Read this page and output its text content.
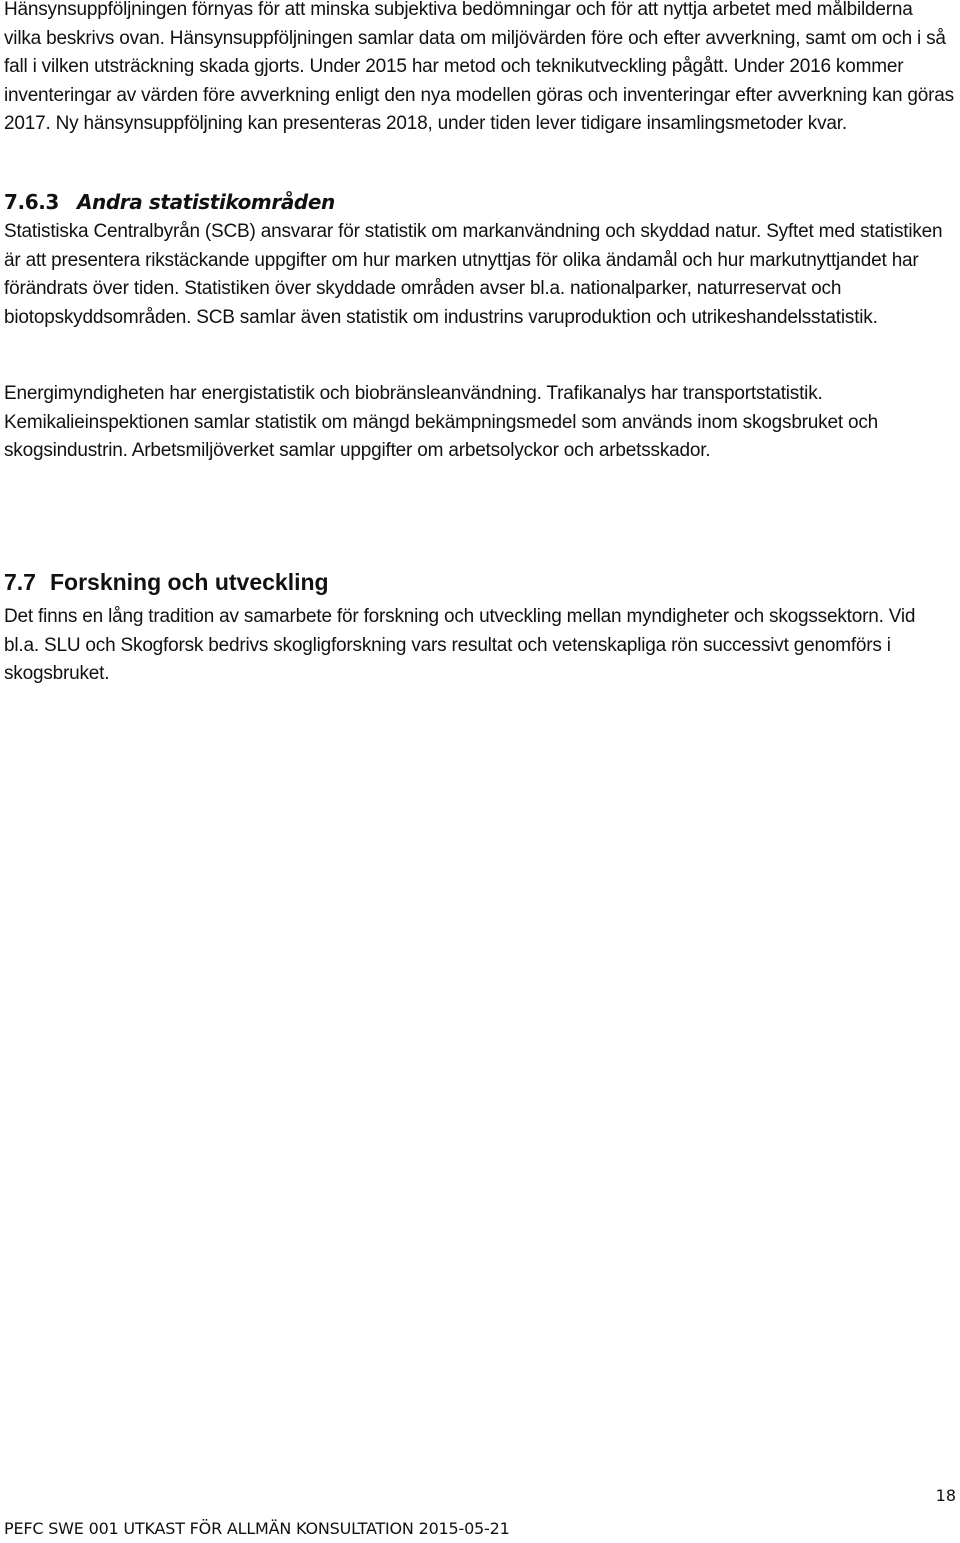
Hänsynsuppföljningen förnyas för att minska subjektiva bedömningar och för att nyttja arbetet med målbilderna vilka beskrivs ovan. Hänsynsuppföljningen samlar data om miljövärden före och efter avverkning, samt om och i så fall i vilken utsträckning skada gjorts. Under 2015 har metod och teknikutveckling pågått. Under 2016 kommer inventeringar av värden före avverkning enligt den nya modellen göras och inventeringar efter avverkning kan göras 2017. Ny hänsynsuppföljning kan presenteras 2018, under tiden lever tidigare insamlingsmetoder kvar.

7.6.3 Andra statistikområden

Statistiska Centralbyrån (SCB) ansvarar för statistik om markanvändning och skyddad natur. Syftet med statistiken är att presentera rikstäckande uppgifter om hur marken utnyttjas för olika ändamål och hur markutnyttjandet har förändrats över tiden. Statistiken över skyddade områden avser bl.a. nationalparker, naturreservat och biotopskyddsområden. SCB samlar även statistik om industrins varuproduktion och utrikeshandelsstatistik.

Energimyndigheten har energistatistik och biobränsleanvändning. Trafikanalys har transportstatistik. Kemikalieinspektionen samlar statistik om mängd bekämpningsmedel som används inom skogsbruket och skogsindustrin. Arbetsmiljöverket samlar uppgifter om arbetsolyckor och arbetsskador.

7.7 Forskning och utveckling

Det finns en lång tradition av samarbete för forskning och utveckling mellan myndigheter och skogssektorn. Vid bl.a. SLU och Skogforsk bedrivs skogligforskning vars resultat och vetenskapliga rön successivt genomförs i skogsbruket.

18
PEFC SWE 001 UTKAST FÖR ALLMÄN KONSULTATION 2015-05-21
